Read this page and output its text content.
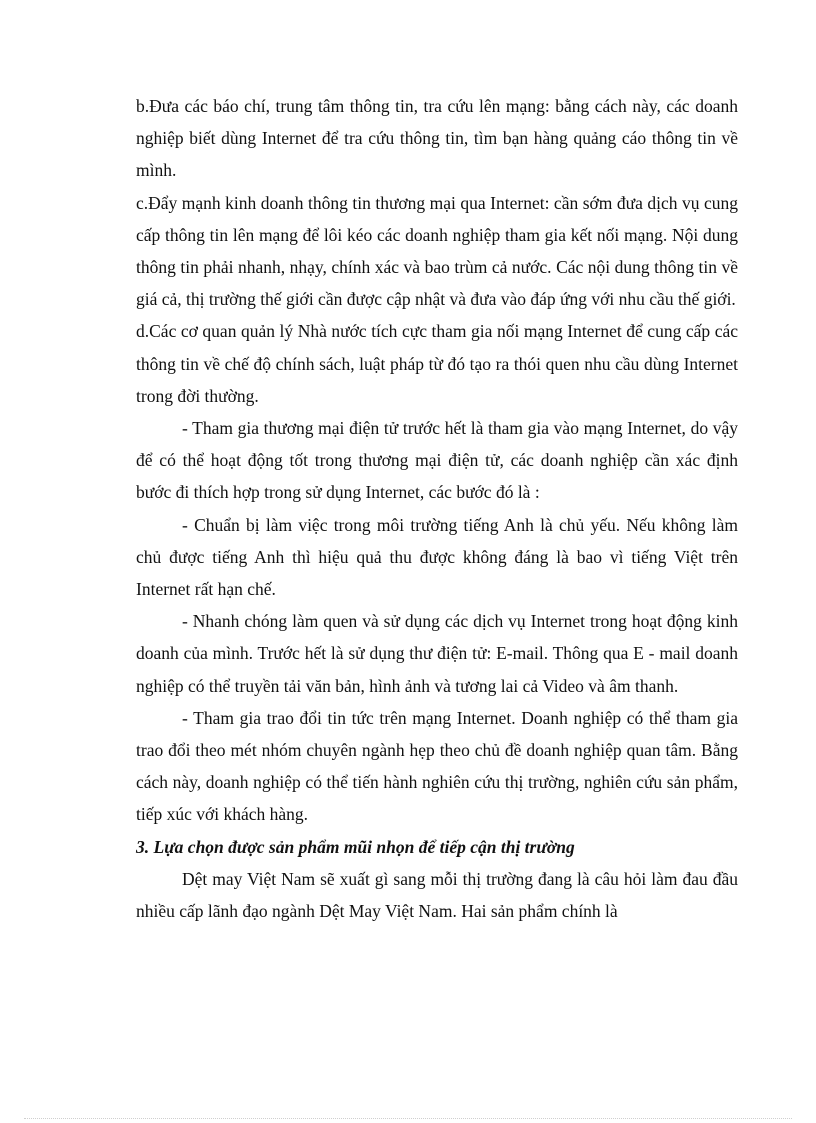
b.Đưa các báo chí, trung tâm thông tin, tra cứu lên mạng: bằng cách này, các doanh nghiệp biết dùng Internet để tra cứu thông tin, tìm bạn hàng quảng cáo thông tin về mình.

c.Đẩy mạnh kinh doanh thông tin thương mại qua Internet: cần sớm đưa dịch vụ cung cấp thông tin lên mạng để lôi kéo các doanh nghiệp tham gia kết nối mạng. Nội dung thông tin phải nhanh, nhạy, chính xác và bao trùm cả nước. Các nội dung thông tin về giá cả, thị trường thế giới cần được cập nhật và đưa vào đáp ứng với nhu cầu thế giới.

d.Các cơ quan quản lý Nhà nước tích cực tham gia nối mạng Internet để cung cấp các thông tin về chế độ chính sách, luật pháp từ đó tạo ra thói quen nhu cầu dùng Internet trong đời thường.

- Tham gia thương mại điện tử trước hết là tham gia vào mạng Internet, do vậy để có thể hoạt động tốt trong thương mại điện tử, các doanh nghiệp cần xác định bước đi thích hợp trong sử dụng Internet, các bước đó là :

- Chuẩn bị làm việc trong môi trường tiếng Anh là chủ yếu. Nếu không làm chủ được tiếng Anh thì hiệu quả thu được không đáng là bao vì tiếng Việt trên Internet rất hạn chế.

- Nhanh chóng làm quen và sử dụng các dịch vụ Internet trong hoạt động kinh doanh của mình. Trước hết là sử dụng thư điện tử: E-mail. Thông qua E - mail doanh nghiệp có thể truyền tải văn bản, hình ảnh và tương lai cả Video và âm thanh.

- Tham gia trao đổi tin tức trên mạng Internet. Doanh nghiệp có thể tham gia trao đổi theo mét nhóm chuyên ngành hẹp theo chủ đề doanh nghiệp quan tâm. Bằng cách này, doanh nghiệp có thể tiến hành nghiên cứu thị trường, nghiên cứu sản phẩm, tiếp xúc với khách hàng.

3. Lựa chọn được sản phẩm mũi nhọn để tiếp cận thị trường

Dệt may Việt Nam sẽ xuất gì sang mỗi thị trường đang là câu hỏi làm đau đầu nhiều cấp lãnh đạo ngành Dệt May Việt Nam. Hai sản phẩm chính là
